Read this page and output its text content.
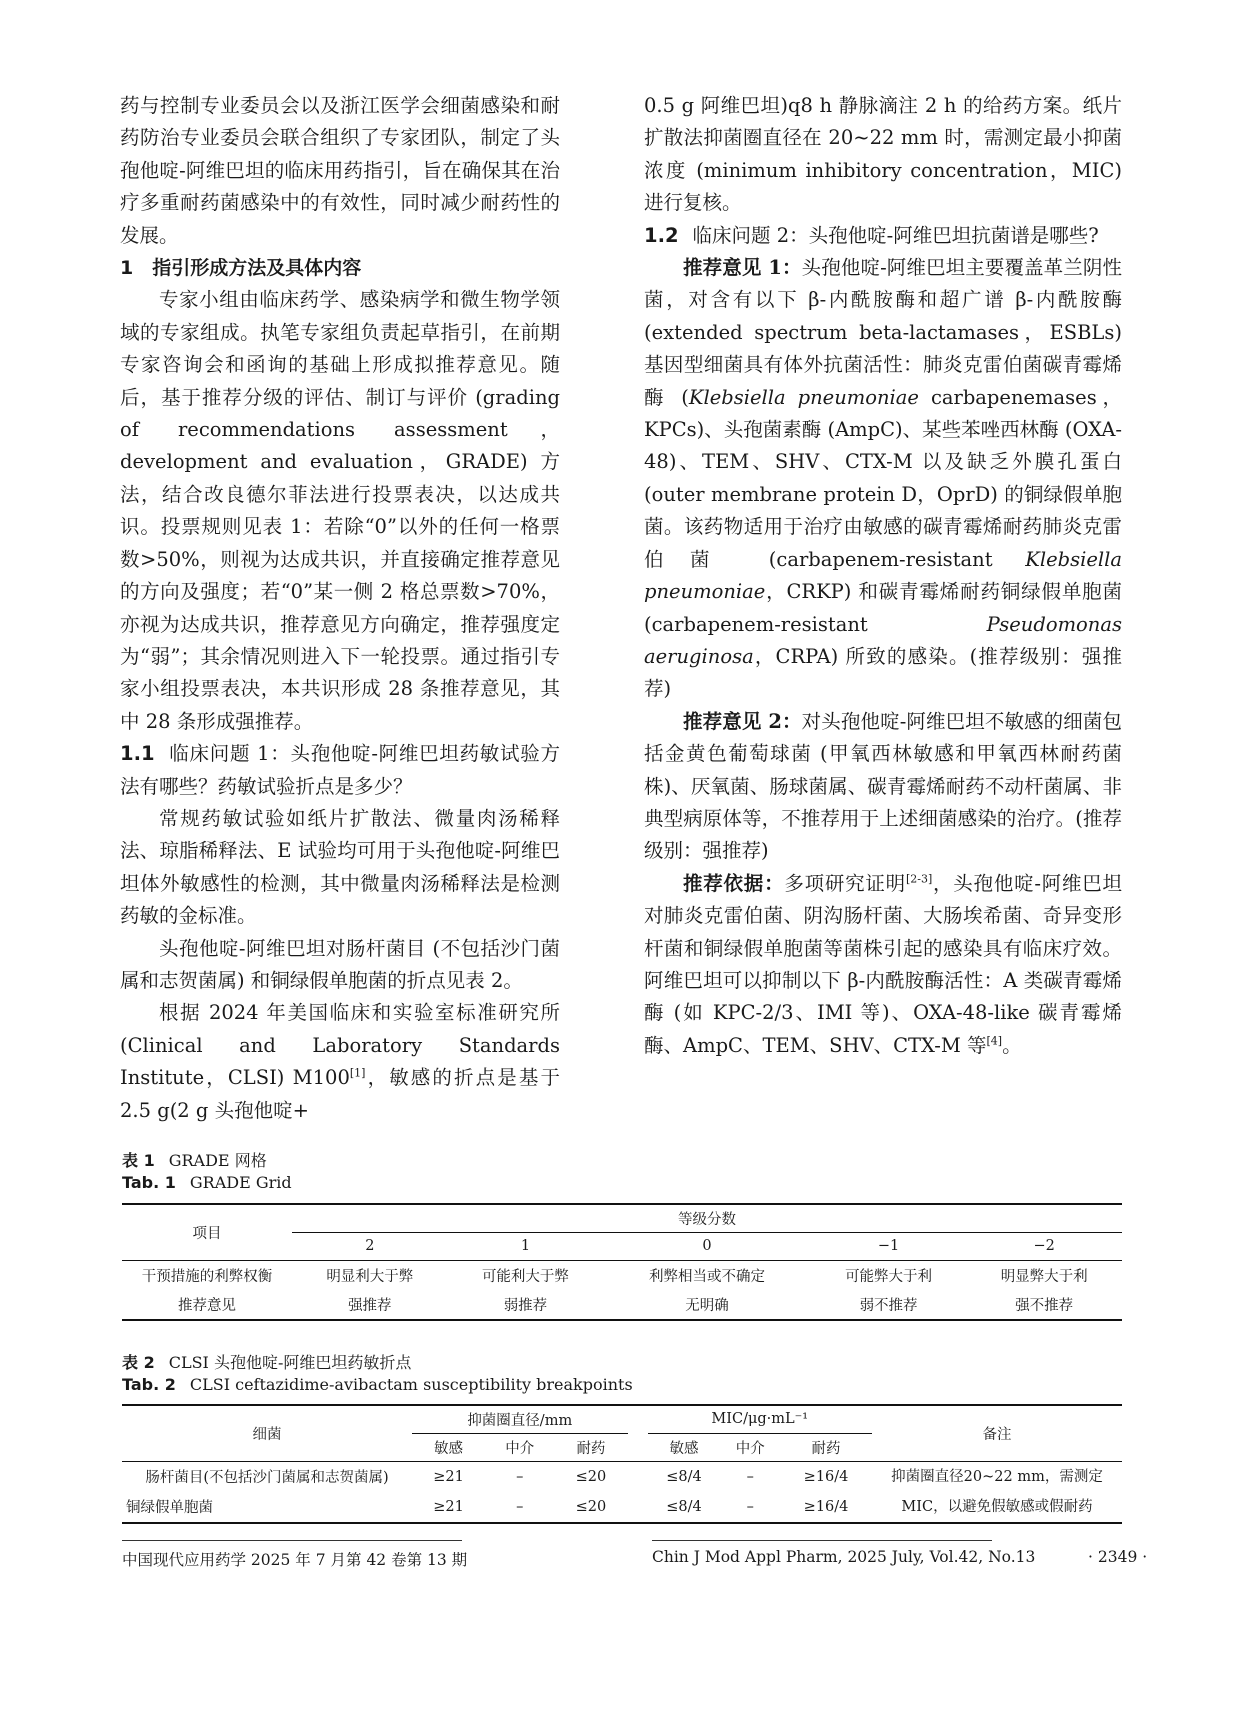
药与控制专业委员会以及浙江医学会细菌感染和耐药防治专业委员会联合组织了专家团队，制定了头孢他啶-阿维巴坦的临床用药指引，旨在确保其在治疗多重耐药菌感染中的有效性，同时减少耐药性的发展。

1　指引形成方法及具体内容

专家小组由临床药学、感染病学和微生物学领域的专家组成。执笔专家组负责起草指引，在前期专家咨询会和函询的基础上形成拟推荐意见。随后，基于推荐分级的评估、制订与评价 (grading of recommendations assessment，development and evaluation，GRADE) 方法，结合改良德尔菲法进行投票表决，以达成共识。投票规则见表 1：若除“0”以外的任何一格票数>50%，则视为达成共识，并直接确定推荐意见的方向及强度；若“0”某一侧 2 格总票数>70%，亦视为达成共识，推荐意见方向确定，推荐强度定为“弱”；其余情况则进入下一轮投票。通过指引专家小组投票表决，本共识形成 28 条推荐意见，其中 28 条形成强推荐。

1.1 临床问题 1：头孢他啶-阿维巴坦药敏试验方法有哪些？药敏试验折点是多少？

常规药敏试验如纸片扩散法、微量肉汤稀释法、琼脂稀释法、E 试验均可用于头孢他啶-阿维巴坦体外敏感性的检测，其中微量肉汤稀释法是检测药敏的金标准。

头孢他啶-阿维巴坦对肠杆菌目 (不包括沙门菌属和志贺菌属) 和铜绿假单胞菌的折点见表 2。

根据 2024 年美国临床和实验室标准研究所 (Clinical and Laboratory Standards Institute，CLSI) M100[1]，敏感的折点是基于 2.5 g(2 g 头孢他啶+

0.5 g 阿维巴坦)q8 h 静脉滴注 2 h 的给药方案。纸片扩散法抑菌圈直径在 20~22 mm 时，需测定最小抑菌浓度 (minimum inhibitory concentration，MIC) 进行复核。

1.2 临床问题 2：头孢他啶-阿维巴坦抗菌谱是哪些?

推荐意见 1：头孢他啶-阿维巴坦主要覆盖革兰阴性菌，对含有以下 β-内酰胺酶和超广谱 β-内酰胺酶 (extended spectrum beta-lactamases，ESBLs) 基因型细菌具有体外抗菌活性：肺炎克雷伯菌碳青霉烯酶 (Klebsiella pneumoniae carbapenemases，KPCs)、头孢菌素酶 (AmpC)、某些苯唑西林酶 (OXA-48)、TEM、SHV、CTX-M 以及缺乏外膜孔蛋白 (outer membrane protein D，OprD) 的铜绿假单胞菌。该药物适用于治疗由敏感的碳青霉烯耐药肺炎克雷伯菌 (carbapenem-resistant Klebsiella pneumoniae，CRKP) 和碳青霉烯耐药铜绿假单胞菌 (carbapenem-resistant Pseudomonas aeruginosa，CRPA) 所致的感染。(推荐级别：强推荐)

推荐意见 2：对头孢他啶-阿维巴坦不敏感的细菌包括金黄色葡萄球菌 (甲氧西林敏感和甲氧西林耐药菌株)、厌氧菌、肠球菌属、碳青霉烯耐药不动杆菌属、非典型病原体等，不推荐用于上述细菌感染的治疗。(推荐级别：强推荐)

推荐依据：多项研究证明[2-3]，头孢他啶-阿维巴坦对肺炎克雷伯菌、阴沟肠杆菌、大肠埃希菌、奇异变形杆菌和铜绿假单胞菌等菌株引起的感染具有临床疗效。阿维巴坦可以抑制以下 β-内酰胺酶活性：A 类碳青霉烯酶 (如 KPC-2/3、IMI 等)、OXA-48-like 碳青霉烯酶、AmpC、TEM、SHV、CTX-M 等[4]。

表 1 GRADE 网格
Tab. 1 GRADE Grid
项目	等级分数				
	2	1	0	−1	−2
干预措施的利弊权衡	明显利大于弊	可能利大于弊	利弊相当或不确定	可能弊大于利	明显弊大于利
推荐意见	强推荐	弱推荐	无明确	弱不推荐	强不推荐
表 2 CLSI 头孢他啶-阿维巴坦药敏折点
Tab. 2 CLSI ceftazidime-avibactam susceptibility breakpoints
细菌	抑菌圈直径/mm				MIC/μg·mL⁻¹			备注
	敏感	中介	耐药		敏感	中介	耐药	
肠杆菌目(不包括沙门菌属和志贺菌属)	≥21	–	≤20		≤8/4	–	≥16/4	抑菌圈直径20~22 mm，需测定MIC，以避免假敏感或假耐药
铜绿假单胞菌	≥21	–	≤20		≤8/4	–	≥16/4	
中国现代应用药学 2025 年 7 月第 42 卷第 13 期	Chin J Mod Appl Pharm, 2025 July, Vol.42, No.13	· 2349 ·
